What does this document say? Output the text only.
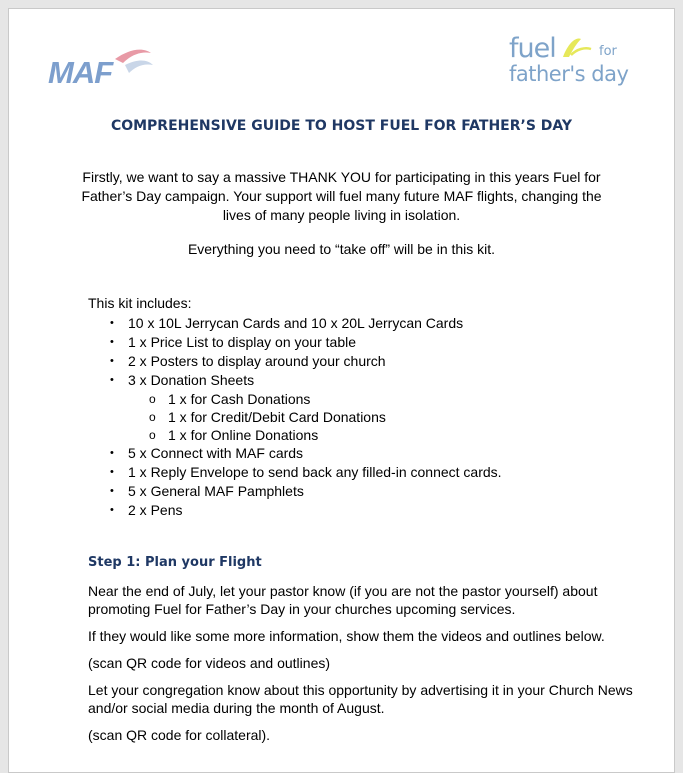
MAF
fuel	for
father's day
COMPREHENSIVE GUIDE TO HOST FUEL FOR FATHER’S DAY

Firstly, we want to say a massive THANK YOU for participating in this years Fuel for Father’s Day campaign. Your support will fuel many future MAF flights, changing the lives of many people living in isolation.

Everything you need to “take off” will be in this kit.

This kit includes:
• 10 x 10L Jerrycan Cards and 10 x 20L Jerrycan Cards
• 1 x Price List to display on your table
• 2 x Posters to display around your church
• 3 x Donation Sheets
o 1 x for Cash Donations
o 1 x for Credit/Debit Card Donations
o 1 x for Online Donations
• 5 x Connect with MAF cards
• 1 x Reply Envelope to send back any filled-in connect cards.
• 5 x General MAF Pamphlets
• 2 x Pens
Step 1: Plan your Flight

Near the end of July, let your pastor know (if you are not the pastor yourself) about promoting Fuel for Father’s Day in your churches upcoming services.

If they would like some more information, show them the videos and outlines below.

(scan QR code for videos and outlines)

Let your congregation know about this opportunity by advertising it in your Church News and/or social media during the month of August.

(scan QR code for collateral).
